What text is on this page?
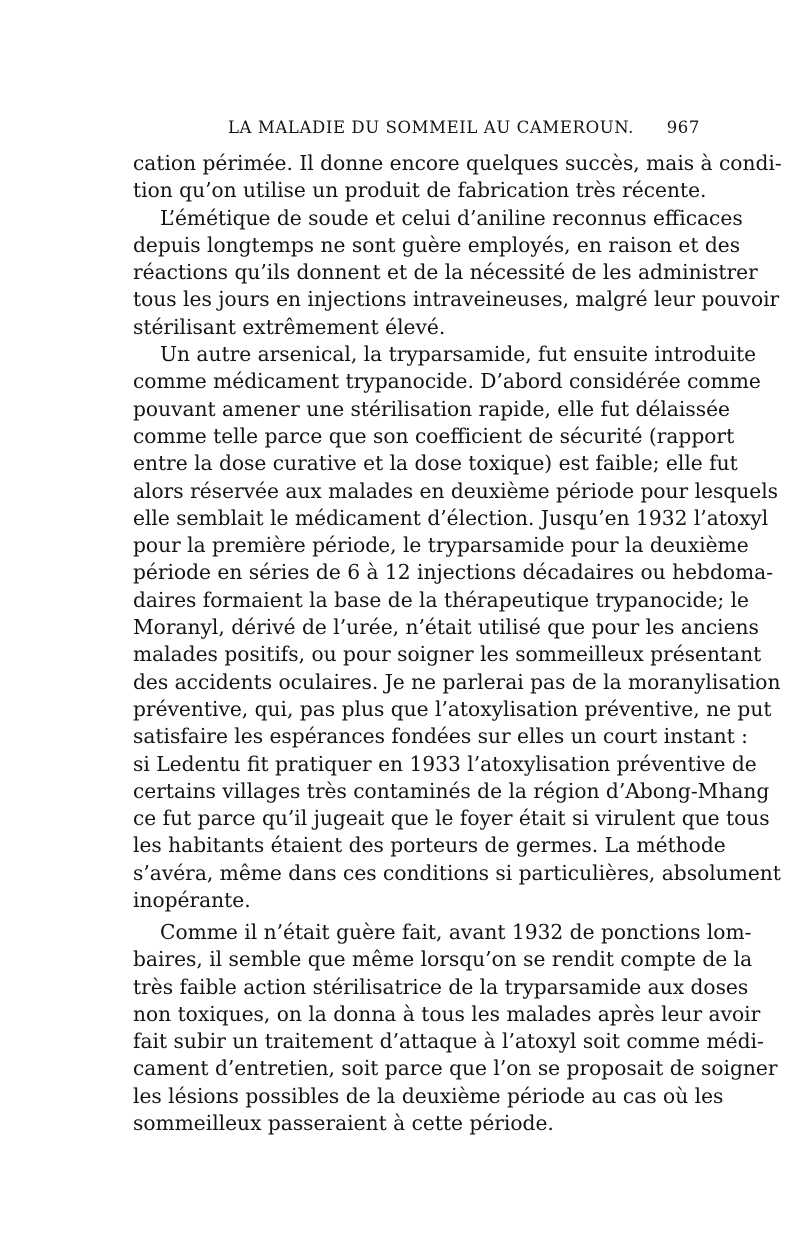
LA MALADIE DU SOMMEIL AU CAMEROUN. 967
cation périmée. Il donne encore quelques succès, mais à condi-
tion qu’on utilise un produit de fabrication très récente.
L’émétique de soude et celui d’aniline reconnus efficaces
depuis longtemps ne sont guère employés, en raison et des
réactions qu’ils donnent et de la nécessité de les administrer
tous les jours en injections intraveineuses, malgré leur pouvoir
stérilisant extrêmement élevé.
Un autre arsenical, la tryparsamide, fut ensuite introduite
comme médicament trypanocide. D’abord considérée comme
pouvant amener une stérilisation rapide, elle fut délaissée
comme telle parce que son coefficient de sécurité (rapport
entre la dose curative et la dose toxique) est faible; elle fut
alors réservée aux malades en deuxième période pour lesquels
elle semblait le médicament d’élection. Jusqu’en 1932 l’atoxyl
pour la première période, le tryparsamide pour la deuxième
période en séries de 6 à 12 injections décadaires ou hebdoma-
daires formaient la base de la thérapeutique trypanocide; le
Moranyl, dérivé de l’urée, n’était utilisé que pour les anciens
malades positifs, ou pour soigner les sommeilleux présentant
des accidents oculaires. Je ne parlerai pas de la moranylisation
préventive, qui, pas plus que l’atoxylisation préventive, ne put
satisfaire les espérances fondées sur elles un court instant :
si Ledentu fit pratiquer en 1933 l’atoxylisation préventive de
certains villages très contaminés de la région d’Abong-Mhang
ce fut parce qu’il jugeait que le foyer était si virulent que tous
les habitants étaient des porteurs de germes. La méthode
s’avéra, même dans ces conditions si particulières, absolument
inopérante.
Comme il n’était guère fait, avant 1932 de ponctions lom-
baires, il semble que même lorsqu’on se rendit compte de la
très faible action stérilisatrice de la tryparsamide aux doses
non toxiques, on la donna à tous les malades après leur avoir
fait subir un traitement d’attaque à l’atoxyl soit comme médi-
cament d’entretien, soit parce que l’on se proposait de soigner
les lésions possibles de la deuxième période au cas où les
sommeilleux passeraient à cette période.
